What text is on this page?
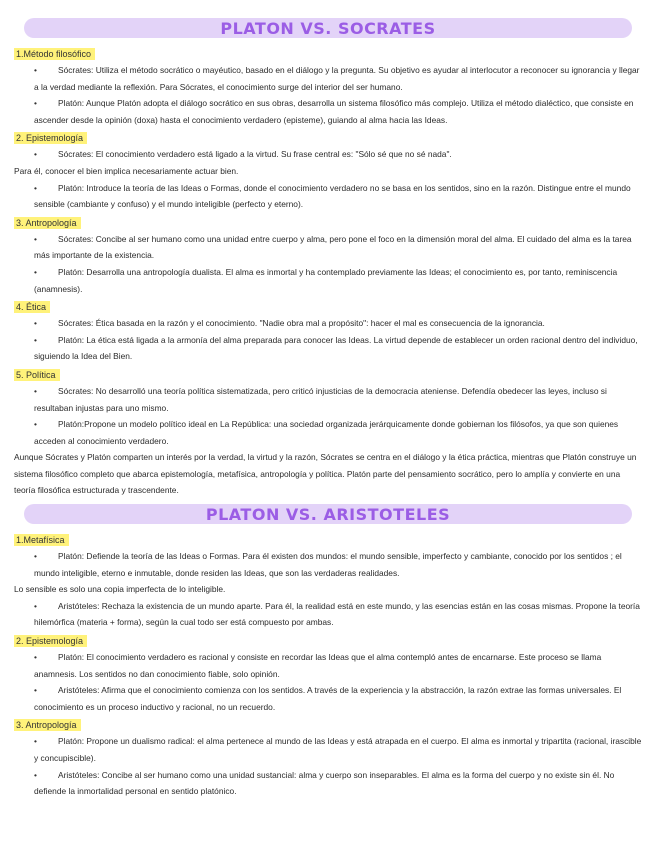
PLATON VS. SOCRATES
1.Método filosófico

• Sócrates: Utiliza el método socrático o mayéutico, basado en el diálogo y la pregunta. Su objetivo es ayudar al interlocutor a reconocer su ignorancia y llegar a la verdad mediante la reflexión. Para Sócrates, el conocimiento surge del interior del ser humano.

• Platón: Aunque Platón adopta el diálogo socrático en sus obras, desarrolla un sistema filosófico más complejo. Utiliza el método dialéctico, que consiste en ascender desde la opinión (doxa) hasta el conocimiento verdadero (episteme), guiando al alma hacia las Ideas.

2. Epistemología

• Sócrates: El conocimiento verdadero está ligado a la virtud. Su frase central es: "Sólo sé que no sé nada".

Para él, conocer el bien implica necesariamente actuar bien.

• Platón: Introduce la teoría de las Ideas o Formas, donde el conocimiento verdadero no se basa en los sentidos, sino en la razón. Distingue entre el mundo sensible (cambiante y confuso) y el mundo inteligible (perfecto y eterno).

3. Antropología

• Sócrates: Concibe al ser humano como una unidad entre cuerpo y alma, pero pone el foco en la dimensión moral del alma. El cuidado del alma es la tarea más importante de la existencia.

• Platón: Desarrolla una antropología dualista. El alma es inmortal y ha contemplado previamente las Ideas; el conocimiento es, por tanto, reminiscencia (anamnesis).

4. Ética

• Sócrates: Ética basada en la razón y el conocimiento. "Nadie obra mal a propósito": hacer el mal es consecuencia de la ignorancia.

• Platón: La ética está ligada a la armonía del alma preparada para conocer las Ideas. La virtud depende de establecer un orden racional dentro del individuo, siguiendo la Idea del Bien.

5. Política

• Sócrates: No desarrolló una teoría política sistematizada, pero criticó injusticias de la democracia ateniense. Defendía obedecer las leyes, incluso si resultaban injustas para uno mismo.

• Platón:Propone un modelo político ideal en La República: una sociedad organizada jerárquicamente donde gobiernan los filósofos, ya que son quienes acceden al conocimiento verdadero.

Aunque Sócrates y Platón comparten un interés por la verdad, la virtud y la razón, Sócrates se centra en el diálogo y la ética práctica, mientras que Platón construye un sistema filosófico completo que abarca epistemología, metafísica, antropología y política. Platón parte del pensamiento socrático, pero lo amplía y convierte en una teoría filosófica estructurada y trascendente.

PLATON VS. ARISTOTELES
1.Metafísica

• Platón: Defiende la teoría de las Ideas o Formas. Para él existen dos mundos: el mundo sensible, imperfecto y cambiante, conocido por los sentidos ; el mundo inteligible, eterno e inmutable, donde residen las Ideas, que son las verdaderas realidades.

Lo sensible es solo una copia imperfecta de lo inteligible.

• Aristóteles: Rechaza la existencia de un mundo aparte. Para él, la realidad está en este mundo, y las esencias están en las cosas mismas. Propone la teoría hilemórfica (materia + forma), según la cual todo ser está compuesto por ambas.

2. Epistemología

• Platón: El conocimiento verdadero es racional y consiste en recordar las Ideas que el alma contempló antes de encarnarse. Este proceso se llama anamnesis. Los sentidos no dan conocimiento fiable, solo opinión.

• Aristóteles: Afirma que el conocimiento comienza con los sentidos. A través de la experiencia y la abstracción, la razón extrae las formas universales. El conocimiento es un proceso inductivo y racional, no un recuerdo.

3. Antropología

• Platón: Propone un dualismo radical: el alma pertenece al mundo de las Ideas y está atrapada en el cuerpo. El alma es inmortal y tripartita (racional, irascible y concupiscible).

• Aristóteles: Concibe al ser humano como una unidad sustancial: alma y cuerpo son inseparables. El alma es la forma del cuerpo y no existe sin él. No defiende la inmortalidad personal en sentido platónico.
